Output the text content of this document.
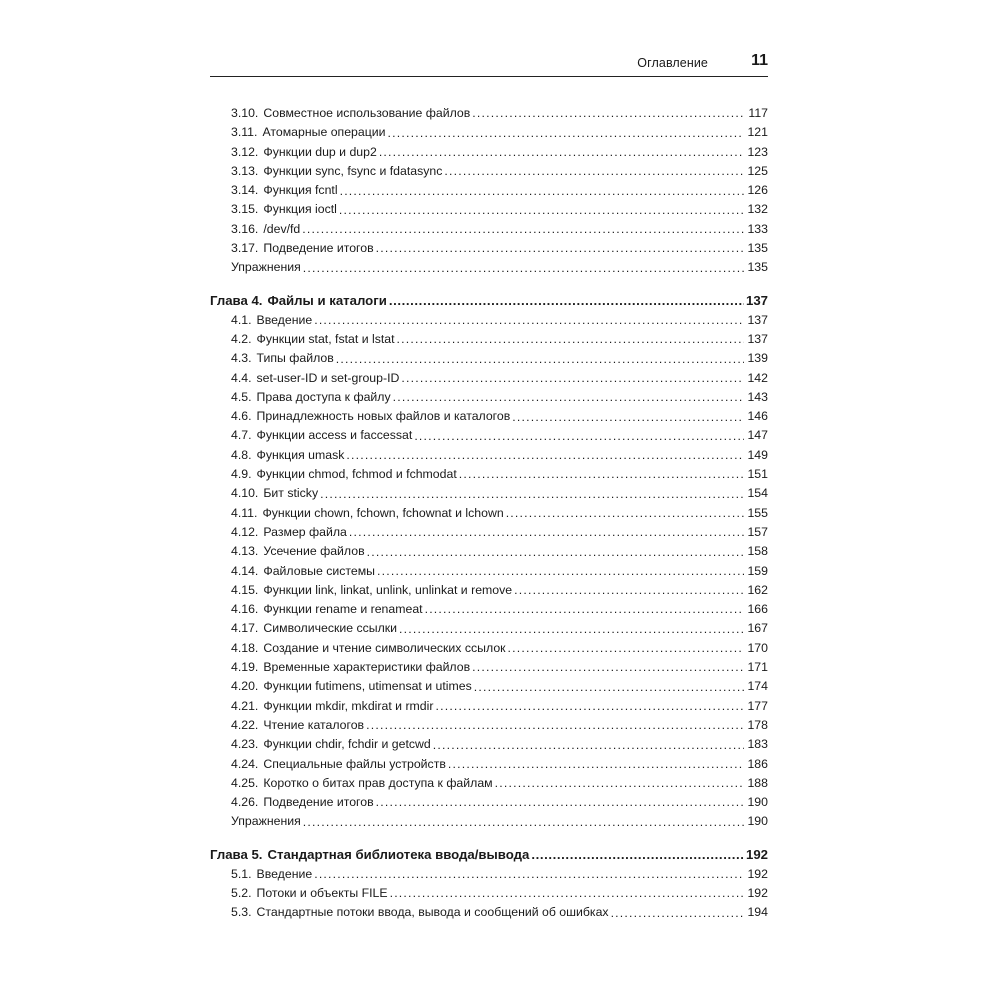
Оглавление	11
3.10. Совместное использование файлов .....	117
3.11. Атомарные операции .....	121
3.12. Функции dup и dup2 .....	123
3.13. Функции sync, fsync и fdatasync .....	125
3.14. Функция fcntl .....	126
3.15. Функция ioctl .....	132
3.16. /dev/fd .....	133
3.17. Подведение итогов .....	135
Упражнения .....	135
Глава 4. Файлы и каталоги .....	137
4.1. Введение .....	137
4.2. Функции stat, fstat и lstat .....	137
4.3. Типы файлов .....	139
4.4. set-user-ID и set-group-ID .....	142
4.5. Права доступа к файлу .....	143
4.6. Принадлежность новых файлов и каталогов .....	146
4.7. Функции access и faccessat .....	147
4.8. Функция umask .....	149
4.9. Функции chmod, fchmod и fchmodat .....	151
4.10. Бит sticky .....	154
4.11. Функции chown, fchown, fchownat и lchown .....	155
4.12. Размер файла .....	157
4.13. Усечение файлов .....	158
4.14. Файловые системы .....	159
4.15. Функции link, linkat, unlink, unlinkat и remove .....	162
4.16. Функции rename и renameat .....	166
4.17. Символические ссылки .....	167
4.18. Создание и чтение символических ссылок .....	170
4.19. Временные характеристики файлов .....	171
4.20. Функции futimens, utimensat и utimes .....	174
4.21. Функции mkdir, mkdirat и rmdir .....	177
4.22. Чтение каталогов .....	178
4.23. Функции chdir, fchdir и getcwd .....	183
4.24. Специальные файлы устройств .....	186
4.25. Коротко о битах прав доступа к файлам .....	188
4.26. Подведение итогов .....	190
Упражнения .....	190
Глава 5. Стандартная библиотека ввода/вывода .....	192
5.1. Введение .....	192
5.2. Потоки и объекты FILE .....	192
5.3. Стандартные потоки ввода, вывода и сообщений об ошибках .....	194
